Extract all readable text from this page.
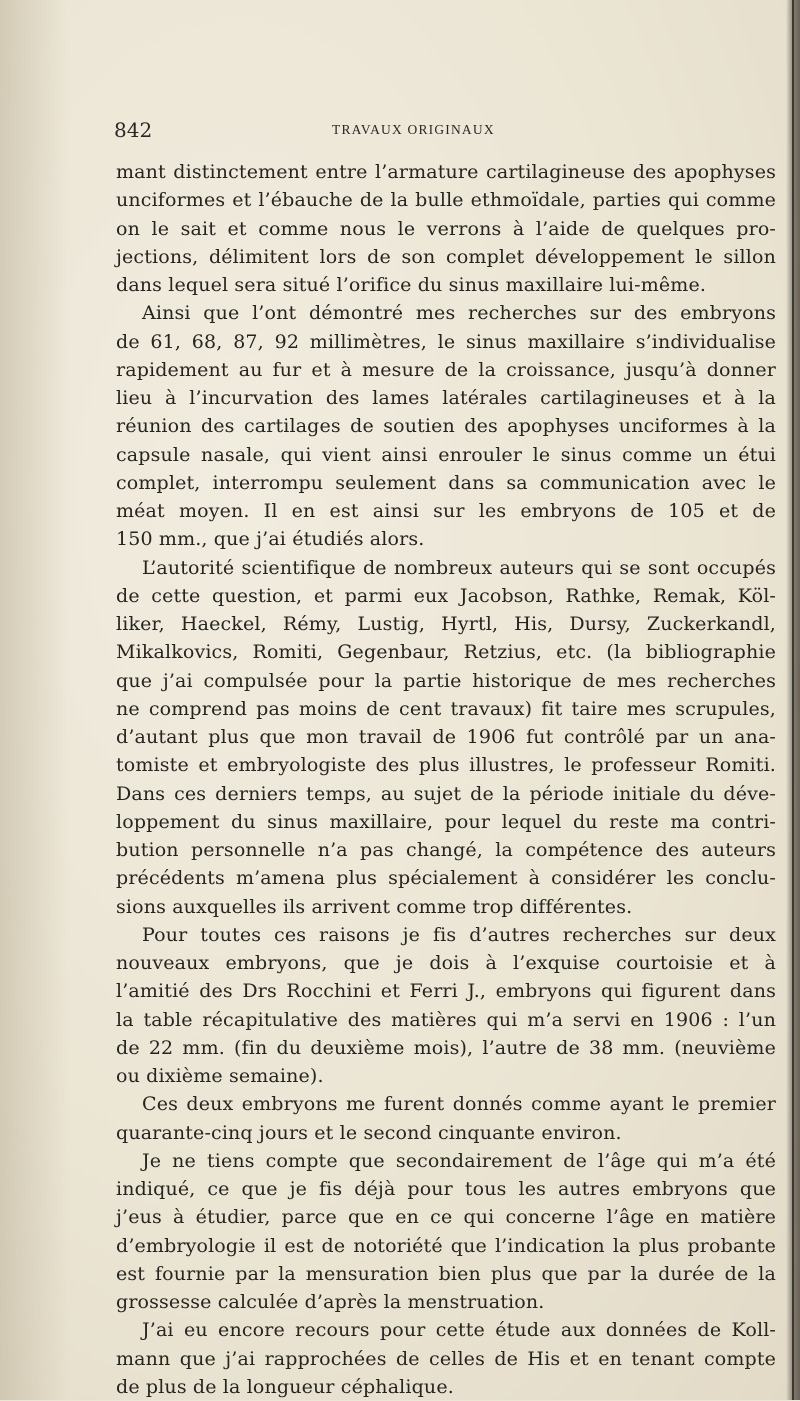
842	TRAVAUX ORIGINAUX
mant distinctement entre l’armature cartilagineuse des apophyses
unciformes et l’ébauche de la bulle ethmoïdale, parties qui comme
on le sait et comme nous le verrons à l’aide de quelques pro-
jections, délimitent lors de son complet développement le sillon
dans lequel sera situé l’orifice du sinus maxillaire lui-même.
Ainsi que l’ont démontré mes recherches sur des embryons
de 61, 68, 87, 92 millimètres, le sinus maxillaire s’individualise
rapidement au fur et à mesure de la croissance, jusqu’à donner
lieu à l’incurvation des lames latérales cartilagineuses et à la
réunion des cartilages de soutien des apophyses unciformes à la
capsule nasale, qui vient ainsi enrouler le sinus comme un étui
complet, interrompu seulement dans sa communication avec le
méat moyen. Il en est ainsi sur les embryons de 105 et de
150 mm., que j’ai étudiés alors.
L’autorité scientifique de nombreux auteurs qui se sont occupés
de cette question, et parmi eux Jacobson, Rathke, Remak, Köl-
liker, Haeckel, Rémy, Lustig, Hyrtl, His, Dursy, Zuckerkandl,
Mikalkovics, Romiti, Gegenbaur, Retzius, etc. (la bibliographie
que j’ai compulsée pour la partie historique de mes recherches
ne comprend pas moins de cent travaux) fit taire mes scrupules,
d’autant plus que mon travail de 1906 fut contrôlé par un ana-
tomiste et embryologiste des plus illustres, le professeur Romiti.
Dans ces derniers temps, au sujet de la période initiale du déve-
loppement du sinus maxillaire, pour lequel du reste ma contri-
bution personnelle n’a pas changé, la compétence des auteurs
précédents m’amena plus spécialement à considérer les conclu-
sions auxquelles ils arrivent comme trop différentes.
Pour toutes ces raisons je fis d’autres recherches sur deux
nouveaux embryons, que je dois à l’exquise courtoisie et à
l’amitié des Drs Rocchini et Ferri J., embryons qui figurent dans
la table récapitulative des matières qui m’a servi en 1906 : l’un
de 22 mm. (fin du deuxième mois), l’autre de 38 mm. (neuvième
ou dixième semaine).
Ces deux embryons me furent donnés comme ayant le premier
quarante-cinq jours et le second cinquante environ.
Je ne tiens compte que secondairement de l’âge qui m’a été
indiqué, ce que je fis déjà pour tous les autres embryons que
j’eus à étudier, parce que en ce qui concerne l’âge en matière
d’embryologie il est de notoriété que l’indication la plus probante
est fournie par la mensuration bien plus que par la durée de la
grossesse calculée d’après la menstruation.
J’ai eu encore recours pour cette étude aux données de Koll-
mann que j’ai rapprochées de celles de His et en tenant compte
de plus de la longueur céphalique.
